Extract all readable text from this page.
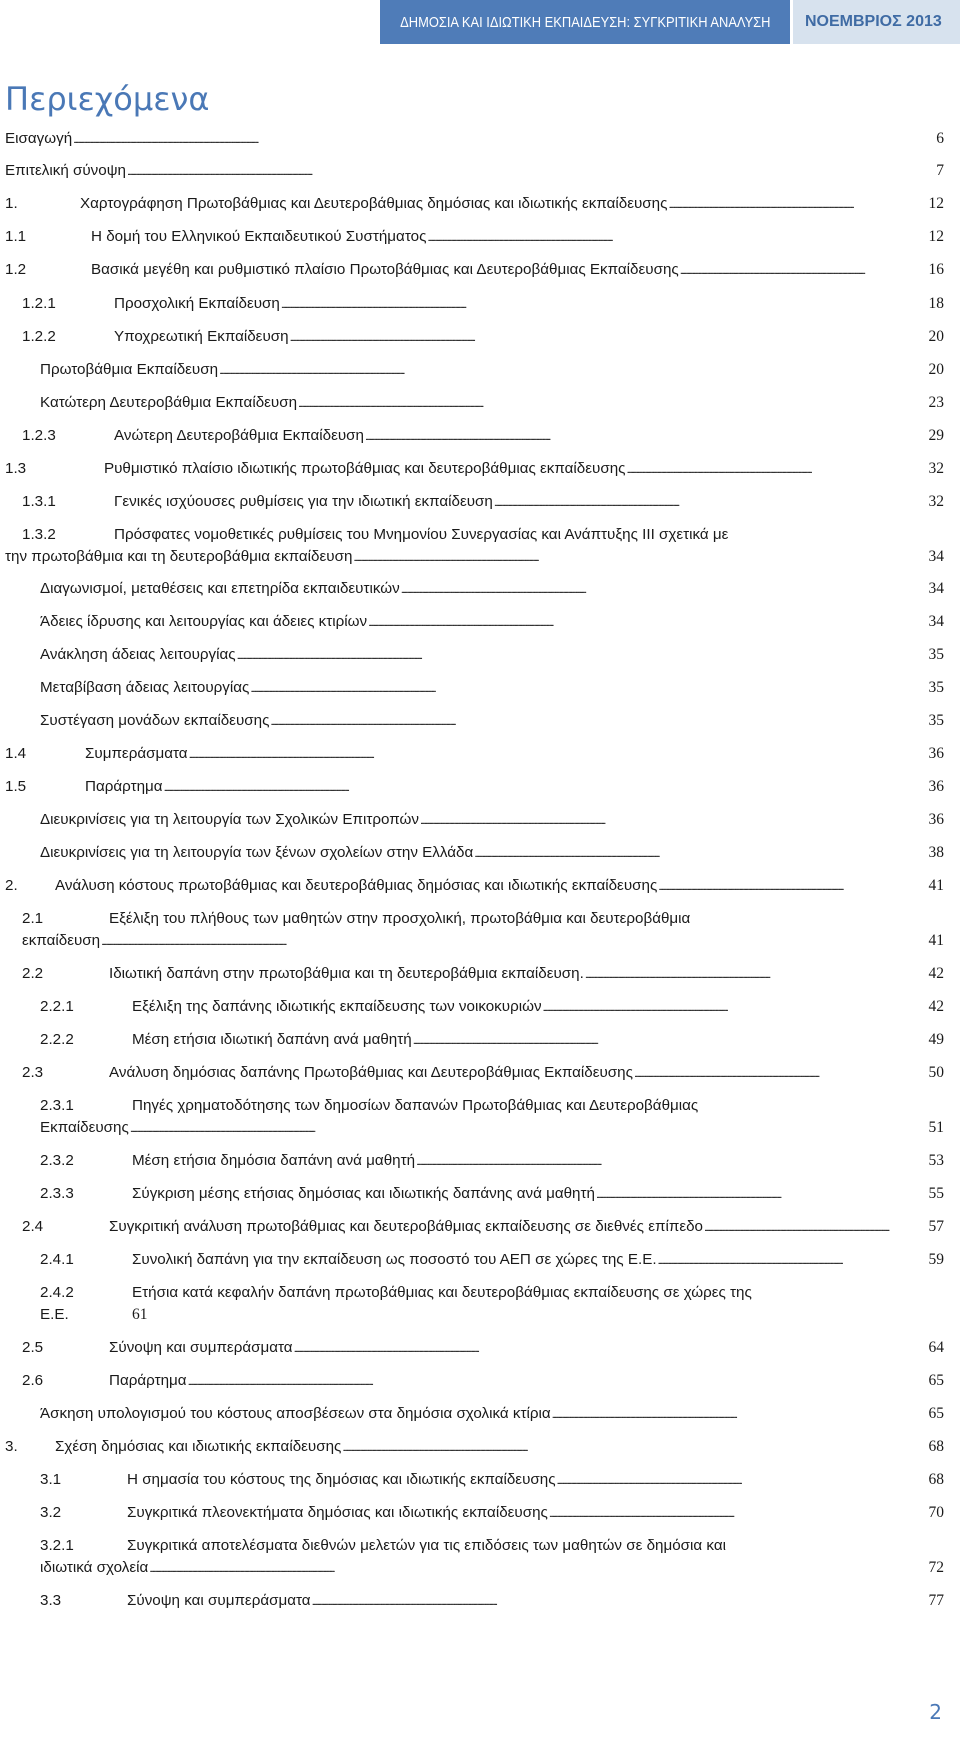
ΔΗΜΟΣΙΑ ΚΑΙ ΙΔΙΩΤΙΚΗ ΕΚΠΑΙΔΕΥΣΗ: ΣΥΓΚΡΙΤΙΚΗ ΑΝΑΛΥΣΗ	ΝΟΕΜΒΡΙΟΣ 2013
Περιεχόμενα
Εισαγωγή . . .	6
Επιτελική σύνοψη . . .	7
1.	Χαρτογράφηση Πρωτοβάθμιας και Δευτεροβάθμιας δημόσιας και ιδιωτικής εκπαίδευσης . . .	12
1.1	Η δομή του Ελληνικού Εκπαιδευτικού Συστήματος . . .	12
1.2	Βασικά μεγέθη και ρυθμιστικό πλαίσιο Πρωτοβάθμιας και Δευτεροβάθμιας Εκπαίδευσης . . .	16
1.2.1	Προσχολική Εκπαίδευση . . .	18
1.2.2	Υποχρεωτική Εκπαίδευση . . .	20
Πρωτοβάθμια Εκπαίδευση . . .	20
Κατώτερη Δευτεροβάθμια Εκπαίδευση . . .	23
1.2.3	Ανώτερη Δευτεροβάθμια Εκπαίδευση . . .	29
1.3	Ρυθμιστικό πλαίσιο ιδιωτικής πρωτοβάθμιας και δευτεροβάθμιας εκπαίδευσης . . .	32
1.3.1	Γενικές ισχύουσες ρυθμίσεις για την ιδιωτική εκπαίδευση . . .	32
1.3.2	Πρόσφατες νομοθετικές ρυθμίσεις του Μνημονίου Συνεργασίας και Ανάπτυξης ΙΙΙ σχετικά με
την πρωτοβάθμια και τη δευτεροβάθμια εκπαίδευση . . .	34
Διαγωνισμοί, μεταθέσεις και επετηρίδα εκπαιδευτικών . . .	34
Άδειες ίδρυσης και λειτουργίας και άδειες κτιρίων . . .	34
Ανάκληση άδειας λειτουργίας . . .	35
Μεταβίβαση άδειας λειτουργίας . . .	35
Συστέγαση μονάδων εκπαίδευσης . . .	35
1.4	Συμπεράσματα . . .	36
1.5	Παράρτημα . . .	36
Διευκρινίσεις για τη λειτουργία των Σχολικών Επιτροπών . . .	36
Διευκρινίσεις για τη λειτουργία των ξένων σχολείων στην Ελλάδα . . .	38
2.	Ανάλυση κόστους πρωτοβάθμιας και δευτεροβάθμιας δημόσιας και ιδιωτικής εκπαίδευσης . . .	41
2.1	Εξέλιξη του πλήθους των μαθητών στην προσχολική, πρωτοβάθμια και δευτεροβάθμια
εκπαίδευση . . .	41
2.2	Ιδιωτική δαπάνη στην πρωτοβάθμια και τη δευτεροβάθμια εκπαίδευση. . . .	42
2.2.1	Εξέλιξη της δαπάνης ιδιωτικής εκπαίδευσης των νοικοκυριών . . .	42
2.2.2	Μέση ετήσια ιδιωτική δαπάνη ανά μαθητή . . .	49
2.3	Ανάλυση δημόσιας δαπάνης Πρωτοβάθμιας και Δευτεροβάθμιας Εκπαίδευσης . . .	50
2.3.1	Πηγές χρηματοδότησης των δημοσίων δαπανών Πρωτοβάθμιας και Δευτεροβάθμιας
Εκπαίδευσης . . .	51
2.3.2	Μέση ετήσια δημόσια δαπάνη ανά μαθητή . . .	53
2.3.3	Σύγκριση μέσης ετήσιας δημόσιας και ιδιωτικής δαπάνης ανά μαθητή . . .	55
2.4	Συγκριτική ανάλυση πρωτοβάθμιας και δευτεροβάθμιας εκπαίδευσης σε διεθνές επίπεδο . . .	57
2.4.1	Συνολική δαπάνη για την εκπαίδευση ως ποσοστό του ΑΕΠ σε χώρες της Ε.Ε. . . .	59
2.4.2	Ετήσια κατά κεφαλήν δαπάνη πρωτοβάθμιας και δευτεροβάθμιας εκπαίδευσης σε χώρες της
Ε.Ε.	61
2.5	Σύνοψη και συμπεράσματα . . .	64
2.6	Παράρτημα . . .	65
Άσκηση υπολογισμού του κόστους αποσβέσεων στα δημόσια σχολικά κτίρια . . .	65
3.	Σχέση δημόσιας και ιδιωτικής εκπαίδευσης . . .	68
3.1	Η σημασία του κόστους της δημόσιας και ιδιωτικής εκπαίδευσης . . .	68
3.2	Συγκριτικά πλεονεκτήματα δημόσιας και ιδιωτικής εκπαίδευσης . . .	70
3.2.1	Συγκριτικά αποτελέσματα διεθνών μελετών για τις επιδόσεις των μαθητών σε δημόσια και
ιδιωτικά σχολεία . . .	72
3.3	Σύνοψη και συμπεράσματα . . .	77
2
